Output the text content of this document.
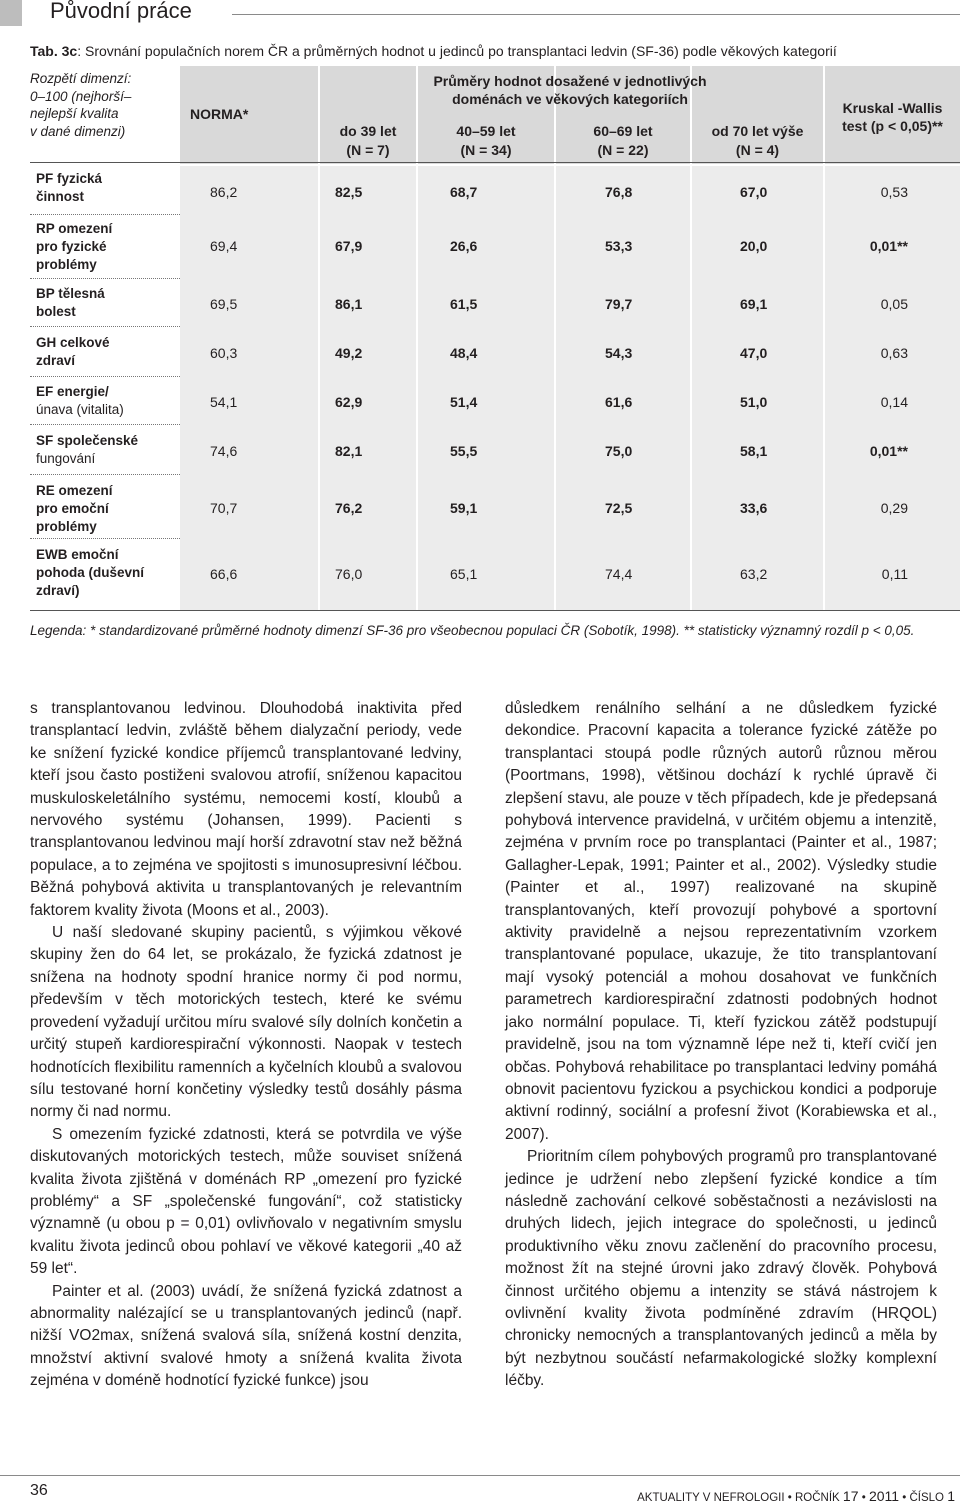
Původní práce
Tab. 3c: Srovnání populačních norem ČR a průměrných hodnot u jedinců po transplantaci ledvin (SF-36) podle věkových kategorií
Rozpětí dimenzí:
0–100 (nejhorší–
nejlepší kvalita
v dané dimenzi)
NORMA*
Průměry hodnot dosažené v jednotlivých
doménách ve věkových kategoriích
do 39 let
(N = 7)
40–59 let
(N = 34)
60–69 let
(N = 22)
od 70 let výše
(N = 4)
Kruskal -Wallis
test (p < 0,05)**
PF fyzická
činnost	86,2	82,5	68,7	76,8	67,0	0,53
RP omezení
pro fyzické
problémy
69,4	67,9	26,6	53,3	20,0	0,01**
BP tělesná
bolest	69,5	86,1	61,5	79,7	69,1	0,05
GH celkové
zdraví	60,3	49,2	48,4	54,3	47,0	0,63
EF energie/
únava (vitalita)	54,1	62,9	51,4	61,6	51,0	0,14
SF společenské
fungování	74,6	82,1	55,5	75,0	58,1	0,01**
RE omezení
pro emoční
problémy
70,7	76,2	59,1	72,5	33,6	0,29
EWB emoční
pohoda (duševní
zdraví)
66,6	76,0	65,1	74,4	63,2	0,11
Legenda: * standardizované průměrné hodnoty dimenzí SF-36 pro všeobecnou populaci ČR (Sobotík, 1998). ** statisticky významný rozdíl p < 0,05.

s transplantovanou ledvinou. Dlouhodobá inaktivita před transplantací ledvin, zvláště během dialyzační periody, vede ke snížení fyzické kondice příjemců transplantované ledviny, kteří jsou často postiženi svalovou atrofií, sníženou kapacitou muskuloskeletálního systému, nemocemi kostí, kloubů a nervového systému (Johansen, 1999). Pacienti s transplantovanou ledvinou mají horší zdravotní stav než běžná populace, a to zejména ve spojitosti s imunosupresivní léčbou. Běžná pohybová aktivita u transplantovaných je relevantním faktorem kvality života (Moons et al., 2003).

U naší sledované skupiny pacientů, s výjimkou věkové skupiny žen do 64 let, se prokázalo, že fyzická zdatnost je snížena na hodnoty spodní hranice normy či pod normu, především v těch motorických testech, které ke svému provedení vyžadují určitou míru svalové síly dolních končetin a určitý stupeň kardiorespirační výkonnosti. Naopak v testech hodnotících flexibilitu ramenních a kyčelních kloubů a svalovou sílu testované horní končetiny výsledky testů dosáhly pásma normy či nad normu.

S omezením fyzické zdatnosti, která se potvrdila ve výše diskutovaných motorických testech, může souviset snížená kvalita života zjištěná v doménách RP „omezení pro fyzické problémy“ a SF „společenské fungování“, což statisticky významně (u obou p = 0,01) ovlivňovalo v negativním smyslu kvalitu života jedinců obou pohlaví ve věkové kategorii „40 až 59 let“.

Painter et al. (2003) uvádí, že snížená fyzická zdatnost a abnormality nalézající se u transplantovaných jedinců (např. nižší VO2max, snížená svalová síla, snížená kostní denzita, množství aktivní svalové hmoty a snížená kvalita života zejména v doméně hodnotící fyzické funkce) jsou

důsledkem renálního selhání a ne důsledkem fyzické dekondice. Pracovní kapacita a tolerance fyzické zátěže po transplantaci stoupá podle různých autorů různou měrou (Poortmans, 1998), většinou dochází k rychlé úpravě či zlepšení stavu, ale pouze v těch případech, kde je předepsaná pohybová intervence pravidelná, v určitém objemu a intenzitě, zejména v prvním roce po transplantaci (Painter et al., 1987; Gallagher-Lepak, 1991; Painter et al., 2002). Výsledky studie (Painter et al., 1997) realizované na skupině transplantovaných, kteří provozují pohybové a sportovní aktivity pravidelně a nejsou reprezentativním vzorkem transplantované populace, ukazuje, že tito transplantovaní mají vysoký potenciál a mohou dosahovat ve funkčních parametrech kardiorespirační zdatnosti podobných hodnot jako normální populace. Ti, kteří fyzickou zátěž podstupují pravidelně, jsou na tom významně lépe než ti, kteří cvičí jen občas. Pohybová rehabilitace po transplantaci ledviny pomáhá obnovit pacientovu fyzickou a psychickou kondici a podporuje aktivní rodinný, sociální a profesní život (Korabiewska et al., 2007).

Prioritním cílem pohybových programů pro transplantované jedince je udržení nebo zlepšení fyzické kondice a tím následně zachování celkové soběstačnosti a nezávislosti na druhých lidech, jejich integrace do společnosti, u jedinců produktivního věku znovu začlenění do pracovního procesu, možnost žít na stejné úrovni jako zdravý člověk. Pohybová činnost určitého objemu a intenzity se stává nástrojem k ovlivnění kvality života podmíněné zdravím (HRQOL) chronicky nemocných a transplantovaných jedinců a měla by být nezbytnou součástí nefarmakologické složky komplexní léčby.

36	AKTUALITY V NEFROLOGII • ROČNÍK 17 • 2011 • ČÍSLO 1
